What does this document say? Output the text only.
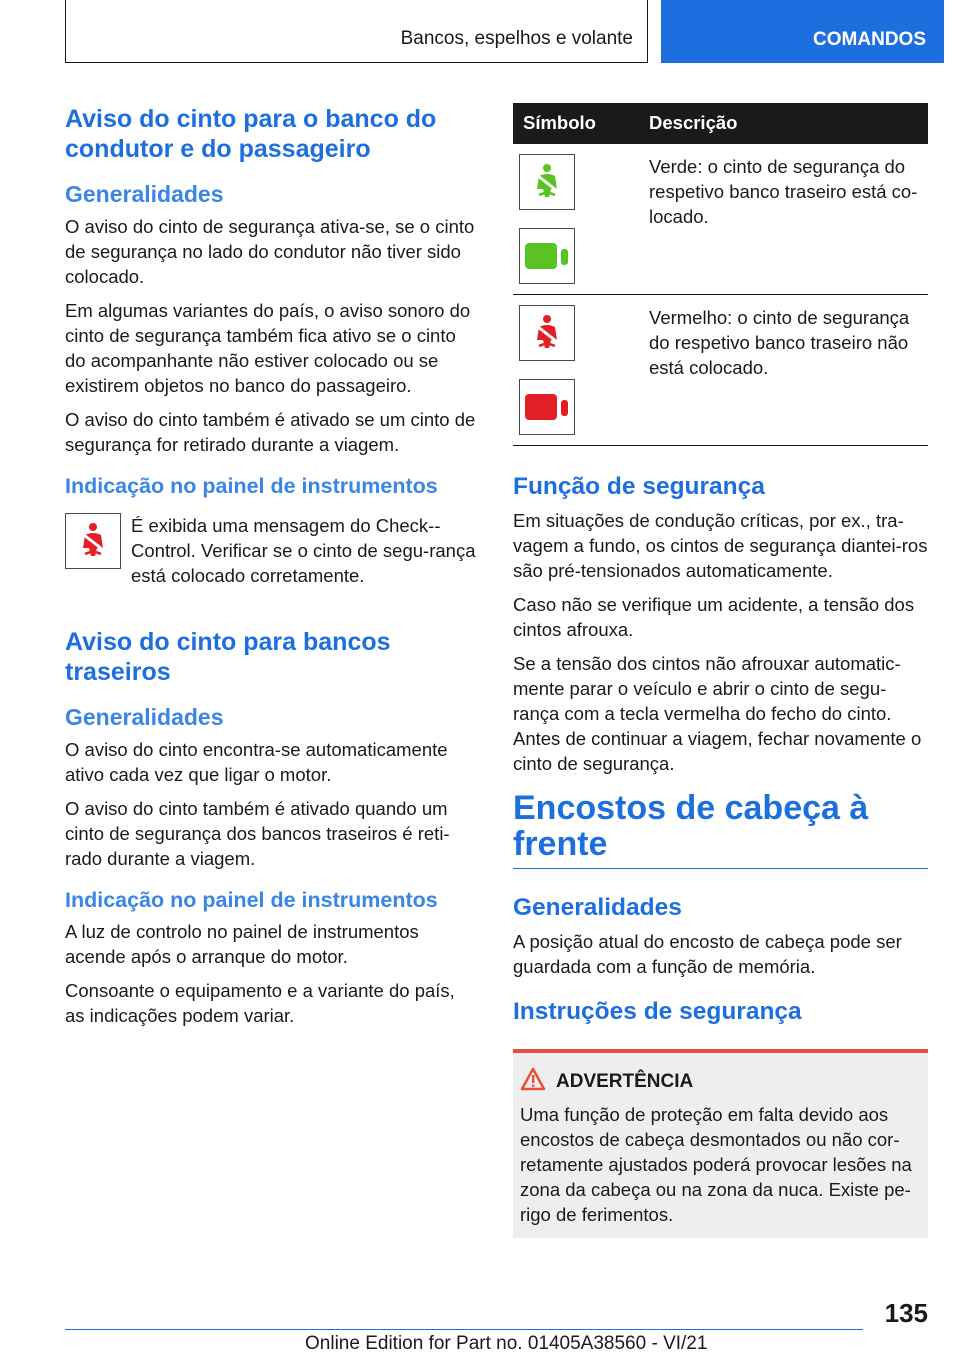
Bancos, espelhos e volante	COMANDOS
Aviso do cinto para o banco do condutor e do passageiro
Generalidades

O aviso do cinto de segurança ativa-se, se o cinto de segurança no lado do condutor não tiver sido colocado.

Em algumas variantes do país, o aviso sonoro do cinto de segurança também fica ativo se o cinto do acompanhante não estiver colocado ou se existirem objetos no banco do passageiro.

O aviso do cinto também é ativado se um cinto de segurança for retirado durante a viagem.

Indicação no painel de instrumentos

É exibida uma mensagem do Check--Control. Verificar se o cinto de segu-rança está colocado corretamente.

Aviso do cinto para bancos traseiros
Generalidades

O aviso do cinto encontra-se automaticamente ativo cada vez que ligar o motor.

O aviso do cinto também é ativado quando um cinto de segurança dos bancos traseiros é reti-rado durante a viagem.

Indicação no painel de instrumentos

A luz de controlo no painel de instrumentos acende após o arranque do motor.

Consoante o equipamento e a variante do país, as indicações podem variar.

Símbolo	Descrição

	Verde: o cinto de segurança do respetivo banco traseiro está co-locado.

	Vermelho: o cinto de segurança do respetivo banco traseiro não está colocado.
Função de segurança

Em situações de condução críticas, por ex., tra-vagem a fundo, os cintos de segurança diantei-ros são pré-tensionados automaticamente.

Caso não se verifique um acidente, a tensão dos cintos afrouxa.

Se a tensão dos cintos não afrouxar automatic-mente parar o veículo e abrir o cinto de segu-rança com a tecla vermelha do fecho do cinto. Antes de continuar a viagem, fechar novamente o cinto de segurança.

Encostos de cabeça à frente
Generalidades

A posição atual do encosto de cabeça pode ser guardada com a função de memória.

Instruções de segurança
ADVERTÊNCIA

Uma função de proteção em falta devido aos encostos de cabeça desmontados ou não cor-retamente ajustados poderá provocar lesões na zona da cabeça ou na zona da nuca. Existe pe-rigo de ferimentos.

135
Online Edition for Part no. 01405A38560 - VI/21
